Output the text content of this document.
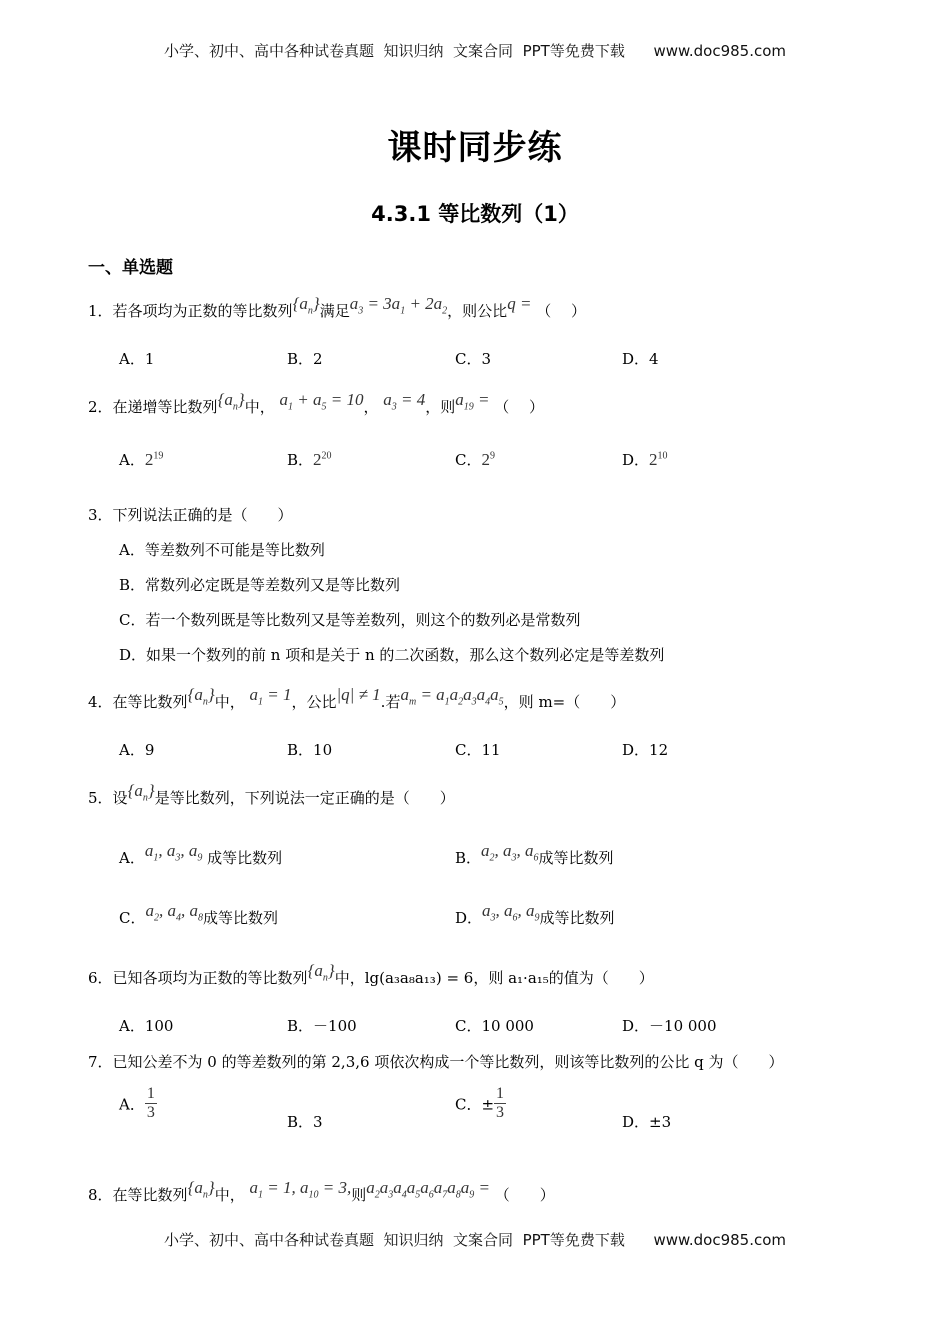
小学、初中、高中各种试卷真题  知识归纳  文案合同  PPT等免费下载 www.doc985.com
课时同步练
4.3.1 等比数列（1）
一、单选题
1．若各项均为正数的等比数列$\{a_n\}$满足$a_3 = 3a_1 + 2a_2$，则公比q = （　 ）
A．1	B．2	C．3	D．4
2．在递增等比数列$\{a_n\}$中， $a_1 + a_5 = 10$， $a_3 = 4$，则$a_{19}$ = （　 ）
A．$2^{19}$	B．$2^{20}$	C．$2^9$	D．$2^{10}$
3．下列说法正确的是（　　）
A．等差数列不可能是等比数列
B．常数列必定既是等差数列又是等比数列
C．若一个数列既是等比数列又是等差数列，则这个的数列必是常数列
D．如果一个数列的前 n 项和是关于 n 的二次函数，那么这个数列必定是等差数列
4．在等比数列$\{a_n\}$中， $a_1 = 1$，公比|q| ≠ 1.若$a_m = a_1a_2a_3a_4a_5$，则 m=（　　）
A．9	B．10	C．11	D．12
5．设$\{a_n\}$是等比数列，下列说法一定正确的是（　　）
A．$a_1$, $a_3$, $a_9$ 成等比数列	B．$a_2$, $a_3$, $a_6$成等比数列
C．$a_2$, $a_4$, $a_8$成等比数列	D．$a_3$, $a_6$, $a_9$成等比数列
6．已知各项均为正数的等比数列$\{a_n\}$中，lg(a₃a₈a₁₃) = 6，则 a₁·a₁₅的值为（　　）
A．100	B．－100	C．10 000	D．－10 000
7．已知公差不为 0 的等差数列的第 2,3,6 项依次构成一个等比数列，则该等比数列的公比 q 为（　　）
A． $\frac{1}{3}$	B．3
C．± $\frac{1}{3}$	D．±3
8．在等比数列$\{a_n\}$中， $a_1 = 1$, $a_{10} = 3$,则$a_2a_3a_4a_5a_6a_7a_8a_9$ = （　　）
小学、初中、高中各种试卷真题  知识归纳  文案合同  PPT等免费下载 www.doc985.com
